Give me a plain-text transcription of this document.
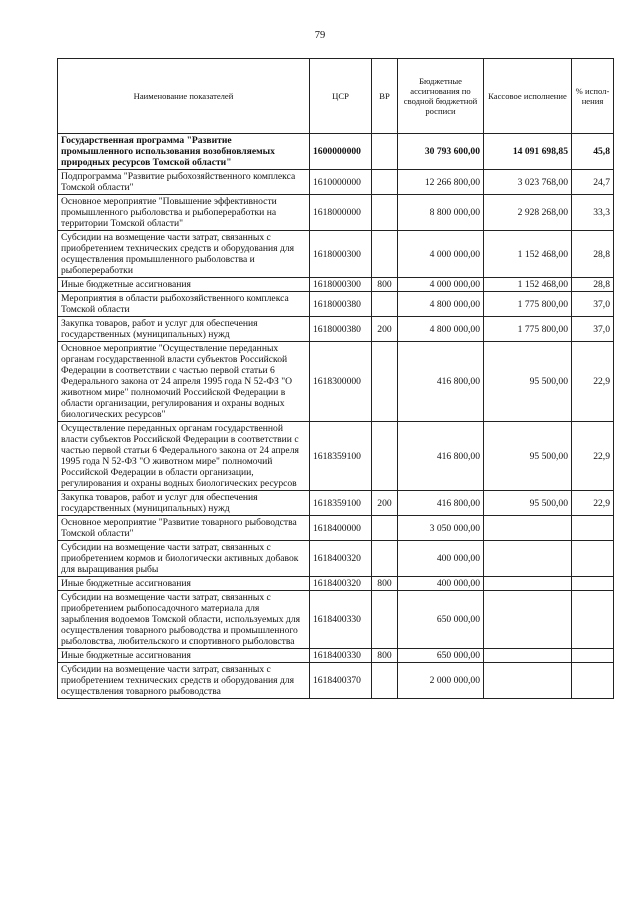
79
Наименование показателей	ЦСР	ВР	Бюджетные ассигнования по сводной бюджетной росписи	Кассовое исполнение	% испол-нения
Государственная программа "Развитие промышленного использования возобновляемых природных ресурсов Томской области"	1600000000		30 793 600,00	14 091 698,85	45,8
Подпрограмма "Развитие рыбохозяйственного комплекса Томской области"	1610000000		12 266 800,00	3 023 768,00	24,7
Основное мероприятие "Повышение эффективности промышленного рыболовства и рыбопереработки на территории Томской области"	1618000000		8 800 000,00	2 928 268,00	33,3
Субсидии на возмещение части затрат, связанных с приобретением технических средств и оборудования для осуществления промышленного рыболовства и рыбопереработки	1618000300		4 000 000,00	1 152 468,00	28,8
Иные бюджетные ассигнования	1618000300	800	4 000 000,00	1 152 468,00	28,8
Мероприятия в области рыбохозяйственного комплекса Томской области	1618000380		4 800 000,00	1 775 800,00	37,0
Закупка товаров, работ и услуг для обеспечения государственных (муниципальных) нужд	1618000380	200	4 800 000,00	1 775 800,00	37,0
Основное мероприятие "Осуществление переданных органам государственной власти субъектов Российской Федерации в соответствии с частью первой статьи 6 Федерального закона от 24 апреля 1995 года N 52-ФЗ "О животном мире" полномочий Российской Федерации в области организации, регулирования и охраны водных биологических ресурсов"	1618300000		416 800,00	95 500,00	22,9
Осуществление переданных органам государственной власти субъектов Российской Федерации в соответствии с частью первой статьи 6 Федерального закона от 24 апреля 1995 года N 52-ФЗ "О животном мире" полномочий Российской Федерации в области организации, регулирования и охраны водных биологических ресурсов	1618359100		416 800,00	95 500,00	22,9
Закупка товаров, работ и услуг для обеспечения государственных (муниципальных) нужд	1618359100	200	416 800,00	95 500,00	22,9
Основное мероприятие "Развитие товарного рыбоводства Томской области"	1618400000		3 050 000,00		
Субсидии на возмещение части затрат, связанных с приобретением кормов и биологически активных добавок для выращивания рыбы	1618400320		400 000,00		
Иные бюджетные ассигнования	1618400320	800	400 000,00		
Субсидии на возмещение части затрат, связанных с приобретением рыбопосадочного материала для зарыбления водоемов Томской области, используемых для осуществления товарного рыбоводства и промышленного рыболовства, любительского и спортивного рыболовства	1618400330		650 000,00		
Иные бюджетные ассигнования	1618400330	800	650 000,00		
Субсидии на возмещение части затрат, связанных с приобретением технических средств и оборудования для осуществления товарного рыбоводства	1618400370		2 000 000,00		
